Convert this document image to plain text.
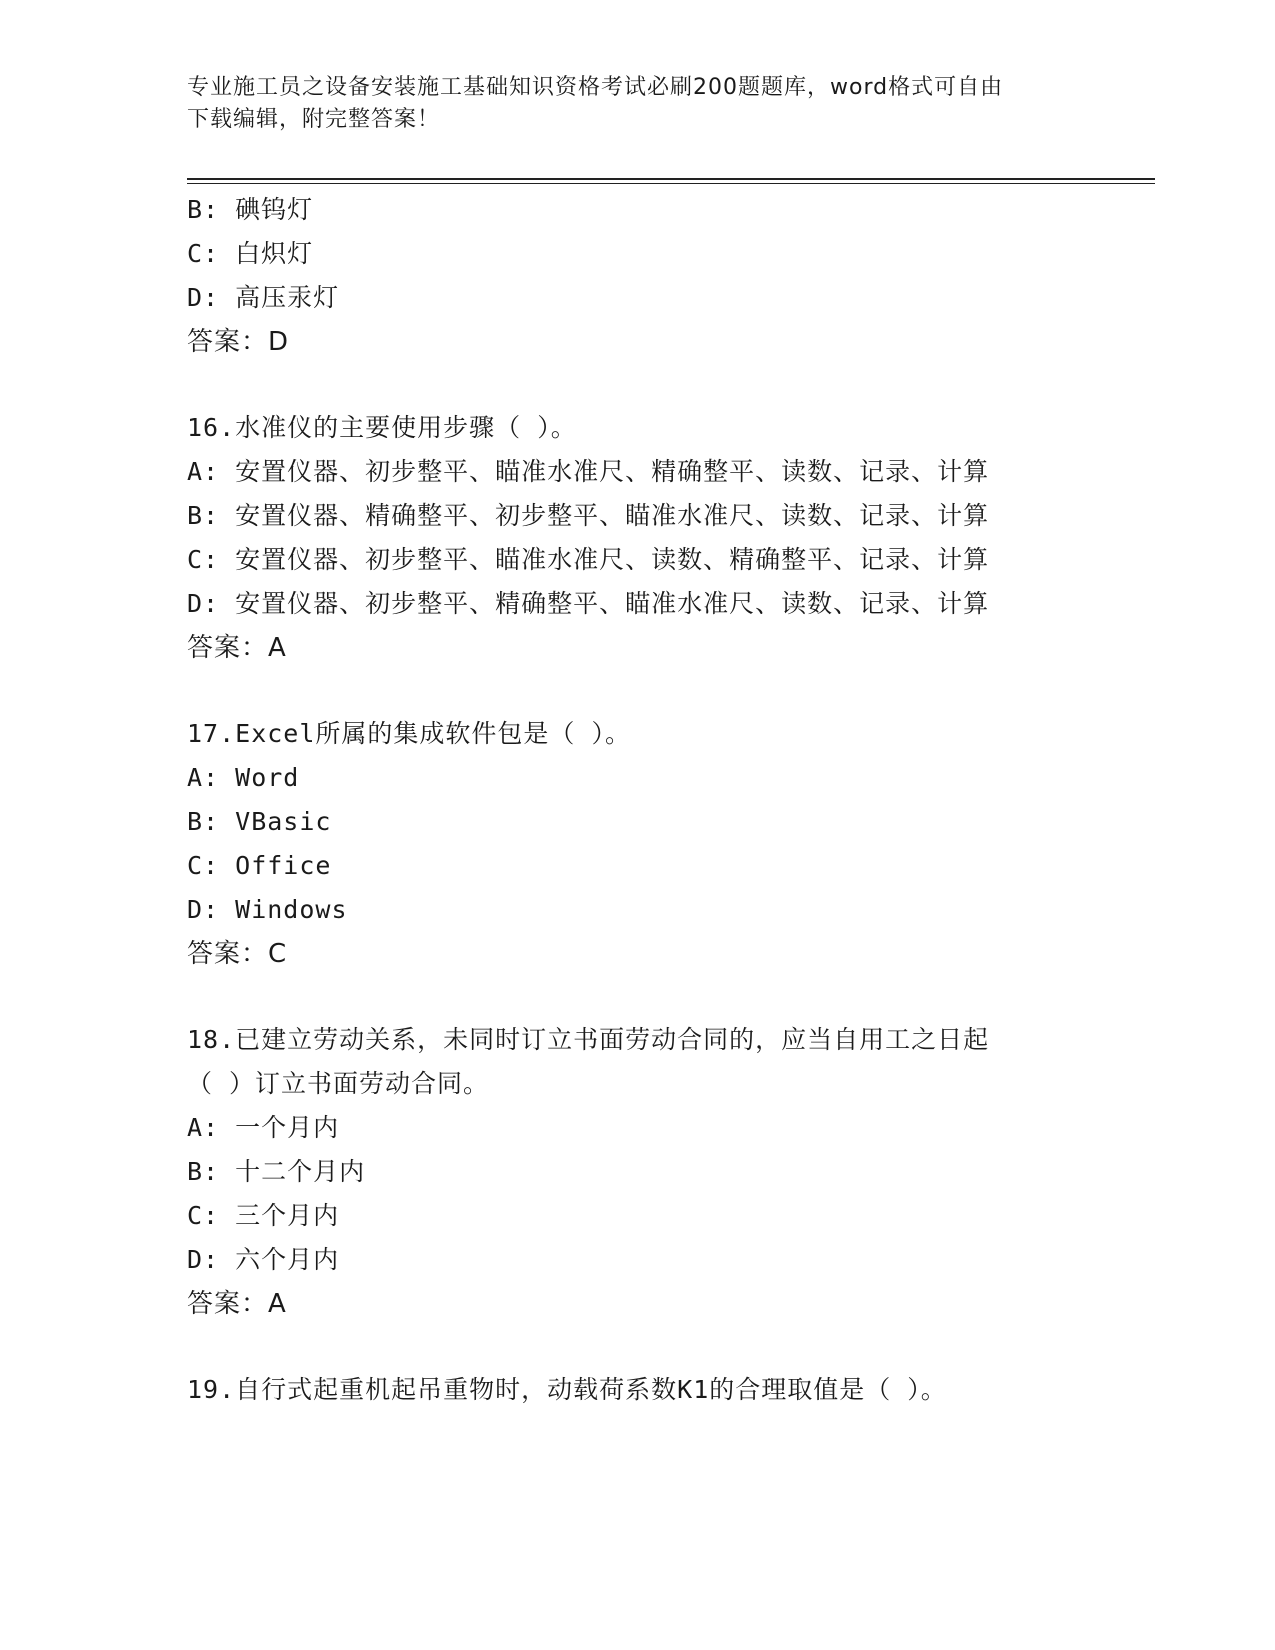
专业施工员之设备安装施工基础知识资格考试必刷200题题库，word格式可自由
下载编辑，附完整答案！
B: 碘钨灯
C: 白炽灯
D: 高压汞灯
答案：D
16.水准仪的主要使用步骤（ ）。
A: 安置仪器、初步整平、瞄准水准尺、精确整平、读数、记录、计算
B: 安置仪器、精确整平、初步整平、瞄准水准尺、读数、记录、计算
C: 安置仪器、初步整平、瞄准水准尺、读数、精确整平、记录、计算
D: 安置仪器、初步整平、精确整平、瞄准水准尺、读数、记录、计算
答案：A
17.Excel所属的集成软件包是（ ）。
A: Word
B: VBasic
C: Office
D: Windows
答案：C
18.已建立劳动关系，未同时订立书面劳动合同的，应当自用工之日起
（ ）订立书面劳动合同。
A: 一个月内
B: 十二个月内
C: 三个月内
D: 六个月内
答案：A
19.自行式起重机起吊重物时，动载荷系数K1的合理取值是（ ）。
